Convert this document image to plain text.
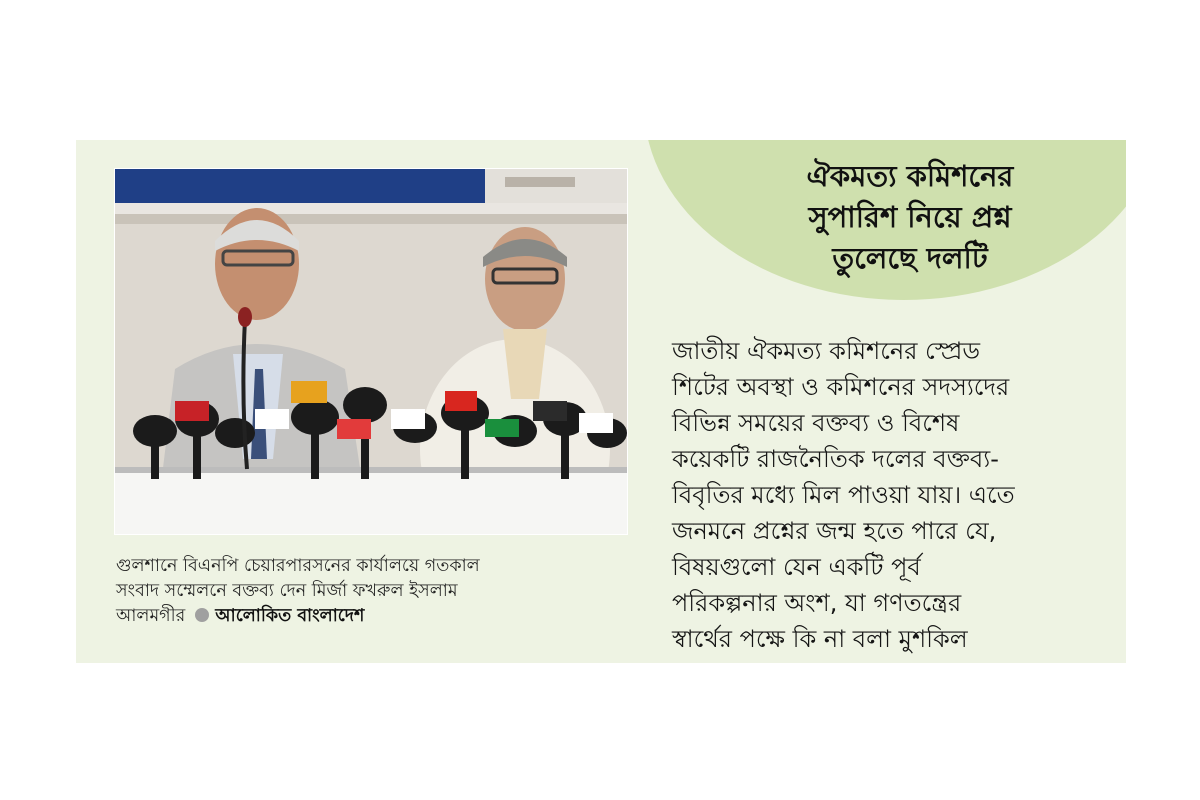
ঐকমত্য কমিশনের
সুপারিশ নিয়ে প্রশ্ন
তুলেছে দলটি

গুলশানে বিএনপি চেয়ারপারসনের কার্যালয়ে গতকাল
সংবাদ সম্মেলনে বক্তব্য দেন মির্জা ফখরুল ইসলাম
আলমগীর আলোকিত বাংলাদেশ

জাতীয় ঐকমত্য কমিশনের স্প্রেড
শিটের অবস্থা ও কমিশনের সদস্যদের
বিভিন্ন সময়ের বক্তব্য ও বিশেষ
কয়েকটি রাজনৈতিক দলের বক্তব্য-
বিবৃতির মধ্যে মিল পাওয়া যায়। এতে
জনমনে প্রশ্নের জন্ম হতে পারে যে,
বিষয়গুলো যেন একটি পূর্ব
পরিকল্পনার অংশ, যা গণতন্ত্রের
স্বার্থের পক্ষে কি না বলা মুশকিল
